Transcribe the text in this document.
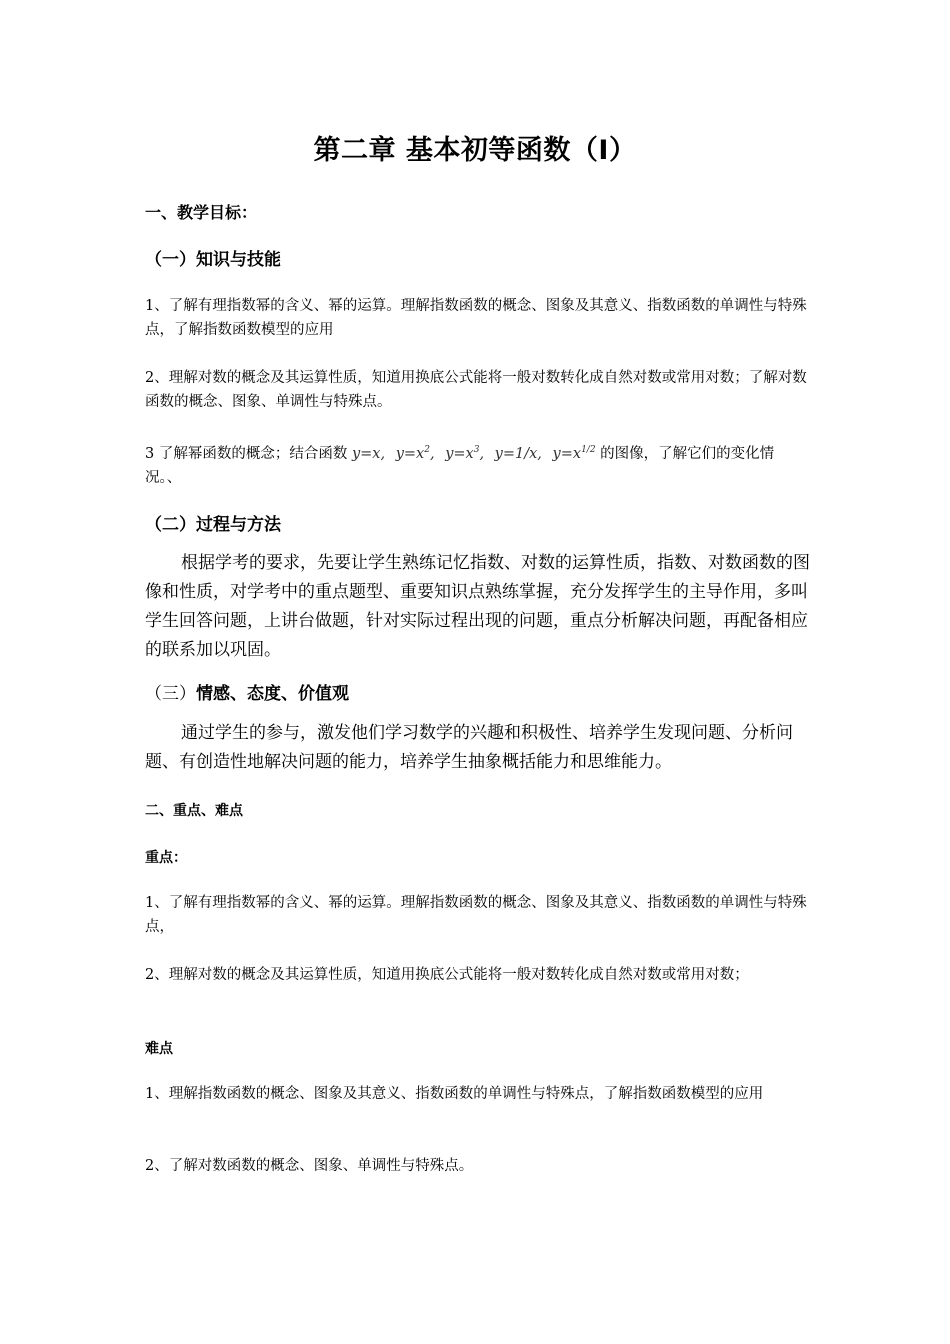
第二章 基本初等函数（I）
一、教学目标：
（一）知识与技能
1、了解有理指数幂的含义、幂的运算。理解指数函数的概念、图象及其意义、指数函数的单调性与特殊点，了解指数函数模型的应用
2、理解对数的概念及其运算性质，知道用换底公式能将一般对数转化成自然对数或常用对数；了解对数函数的概念、图象、单调性与特殊点。
3 了解幂函数的概念；结合函数 y=x, $y=x^2$, $y=x^3$, y=1/x, $y=x^{1/2}$ 的图像，了解它们的变化情况。、
（二）过程与方法
根据学考的要求，先要让学生熟练记忆指数、对数的运算性质，指数、对数函数的图像和性质，对学考中的重点题型、重要知识点熟练掌握，充分发挥学生的主导作用，多叫学生回答问题，上讲台做题，针对实际过程出现的问题，重点分析解决问题，再配备相应的联系加以巩固。
（三）情感、态度、价值观
通过学生的参与，激发他们学习数学的兴趣和积极性、培养学生发现问题、分析问题、有创造性地解决问题的能力，培养学生抽象概括能力和思维能力。
二、重点、难点
重点：
1、了解有理指数幂的含义、幂的运算。理解指数函数的概念、图象及其意义、指数函数的单调性与特殊点，
2、理解对数的概念及其运算性质，知道用换底公式能将一般对数转化成自然对数或常用对数；
难点
1、理解指数函数的概念、图象及其意义、指数函数的单调性与特殊点，了解指数函数模型的应用
2、了解对数函数的概念、图象、单调性与特殊点。
